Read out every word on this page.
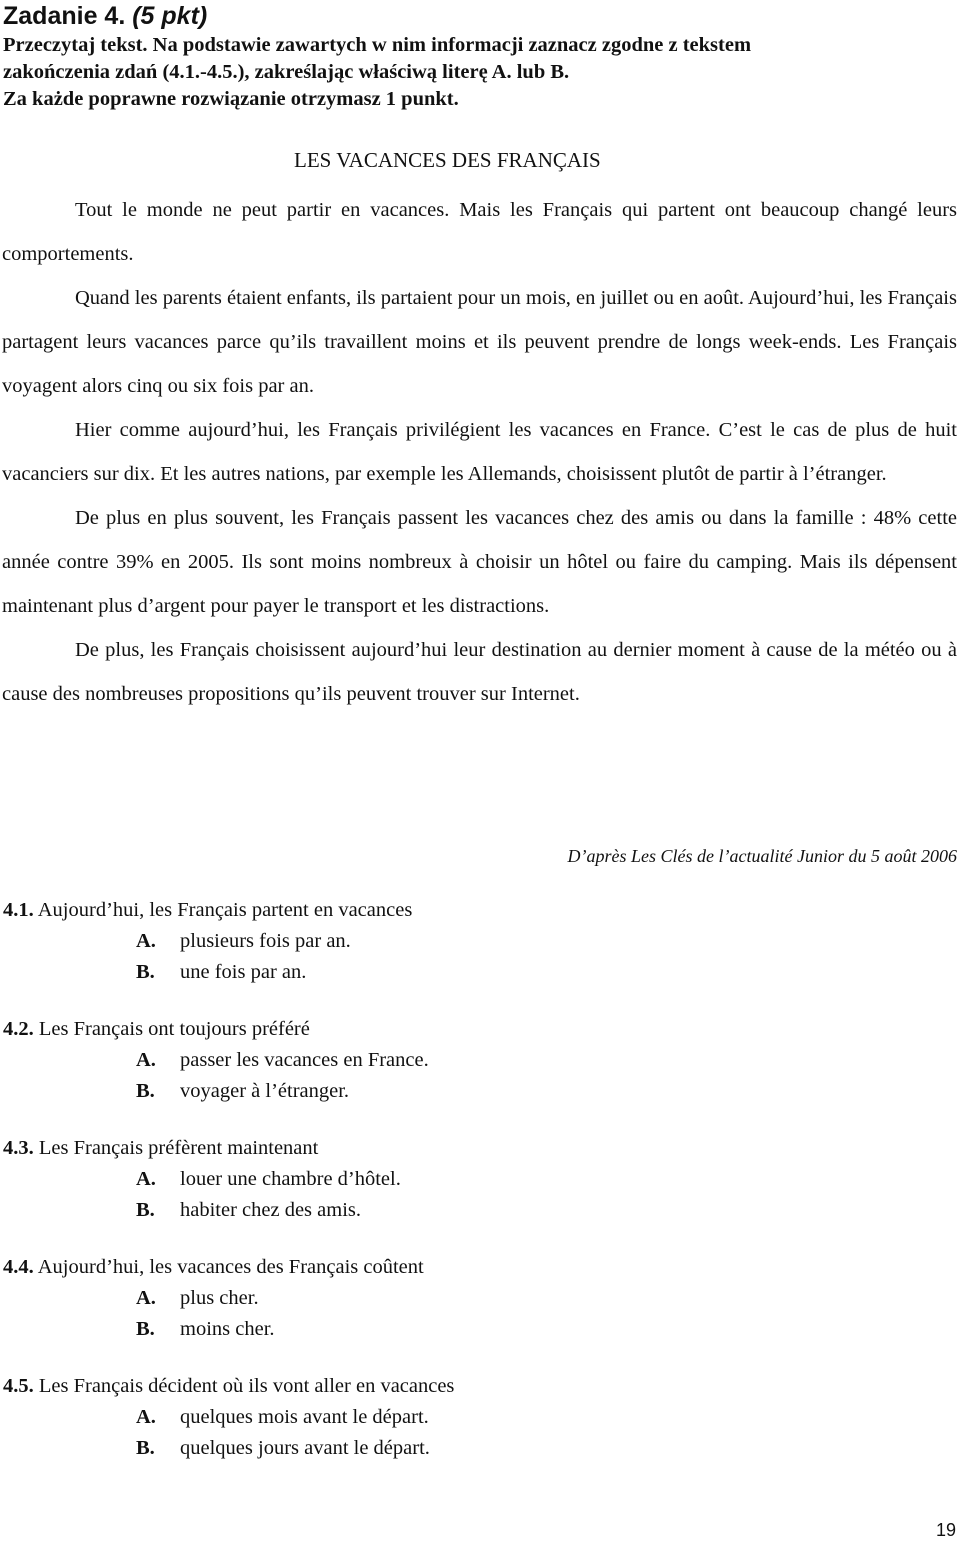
Zadanie 4. (5 pkt)
Przeczytaj tekst. Na podstawie zawartych w nim informacji zaznacz zgodne z tekstem
zakończenia zdań (4.1.-4.5.), zakreślając właściwą literę A. lub B.
Za każde poprawne rozwiązanie otrzymasz 1 punkt.
LES VACANCES DES FRANÇAIS

Tout le monde ne peut partir en vacances. Mais les Français qui partent ont beaucoup changé leurs comportements.

Quand les parents étaient enfants, ils partaient pour un mois, en juillet ou en août. Aujourd’hui, les Français partagent leurs vacances parce qu’ils travaillent moins et ils peuvent prendre de longs week-ends. Les Français voyagent alors cinq ou six fois par an.

Hier comme aujourd’hui, les Français privilégient les vacances en France. C’est le cas de plus de huit vacanciers sur dix. Et les autres nations, par exemple les Allemands, choisissent plutôt de partir à l’étranger.

De plus en plus souvent, les Français passent les vacances chez des amis ou dans la famille : 48% cette année contre 39% en 2005. Ils sont moins nombreux à choisir un hôtel ou faire du camping. Mais ils dépensent maintenant plus d’argent pour payer le transport et les distractions.

De plus, les Français choisissent aujourd’hui leur destination au dernier moment à cause de la météo ou à cause des nombreuses propositions qu’ils peuvent trouver sur Internet.

D’après Les Clés de l’actualité Junior du 5 août 2006
4.1. Aujourd’hui, les Français partent en vacances
A. plusieurs fois par an.
B. une fois par an.
4.2. Les Français ont toujours préféré
A. passer les vacances en France.
B. voyager à l’étranger.
4.3. Les Français préfèrent maintenant
A. louer une chambre d’hôtel.
B. habiter chez des amis.
4.4. Aujourd’hui, les vacances des Français coûtent
A. plus cher.
B. moins cher.
4.5. Les Français décident où ils vont aller en vacances
A. quelques mois avant le départ.
B. quelques jours avant le départ.
19
